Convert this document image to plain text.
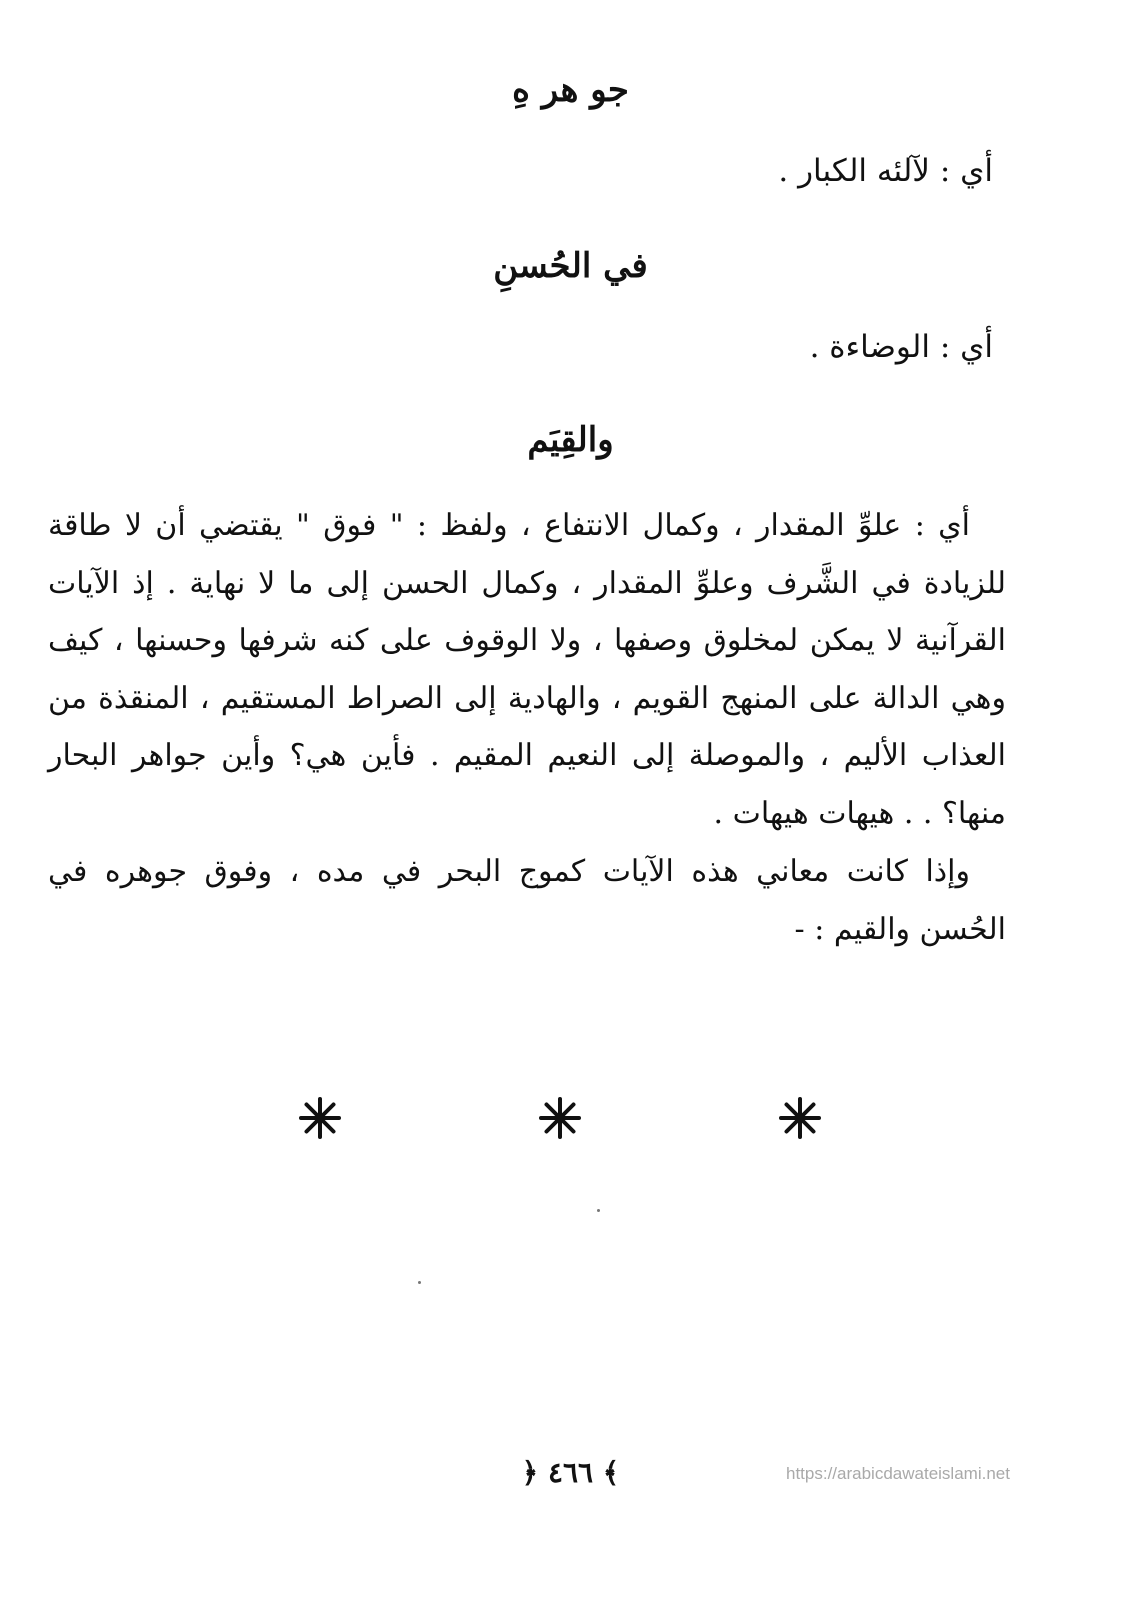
جو هر هِ
أي : لآلئه الكبار .
في الحُسنِ
أي : الوضاءة .
والقِيَم
أي : علوِّ المقدار ، وكمال الانتفاع ، ولفظ : " فوق " يقتضي أن لا طاقة للزيادة في الشَّرف وعلوِّ المقدار ، وكمال الحسن إلى ما لا نهاية . إذ الآيات القرآنية لا يمكن لمخلوق وصفها ، ولا الوقوف على كنه شرفها وحسنها ، كيف وهي الدالة على المنهج القويم ، والهادية إلى الصراط المستقيم ، المنقذة من العذاب الأليم ، والموصلة إلى النعيم المقيم . فأين هي؟ وأين جواهر البحار منها؟ . . هيهات هيهات .
وإذا كانت معاني هذه الآيات كموج البحر في مده ، وفوق جوهره في الحُسن والقيم : -
﴿ ٤٦٦ ﴾	https://arabicdawateislami.net
